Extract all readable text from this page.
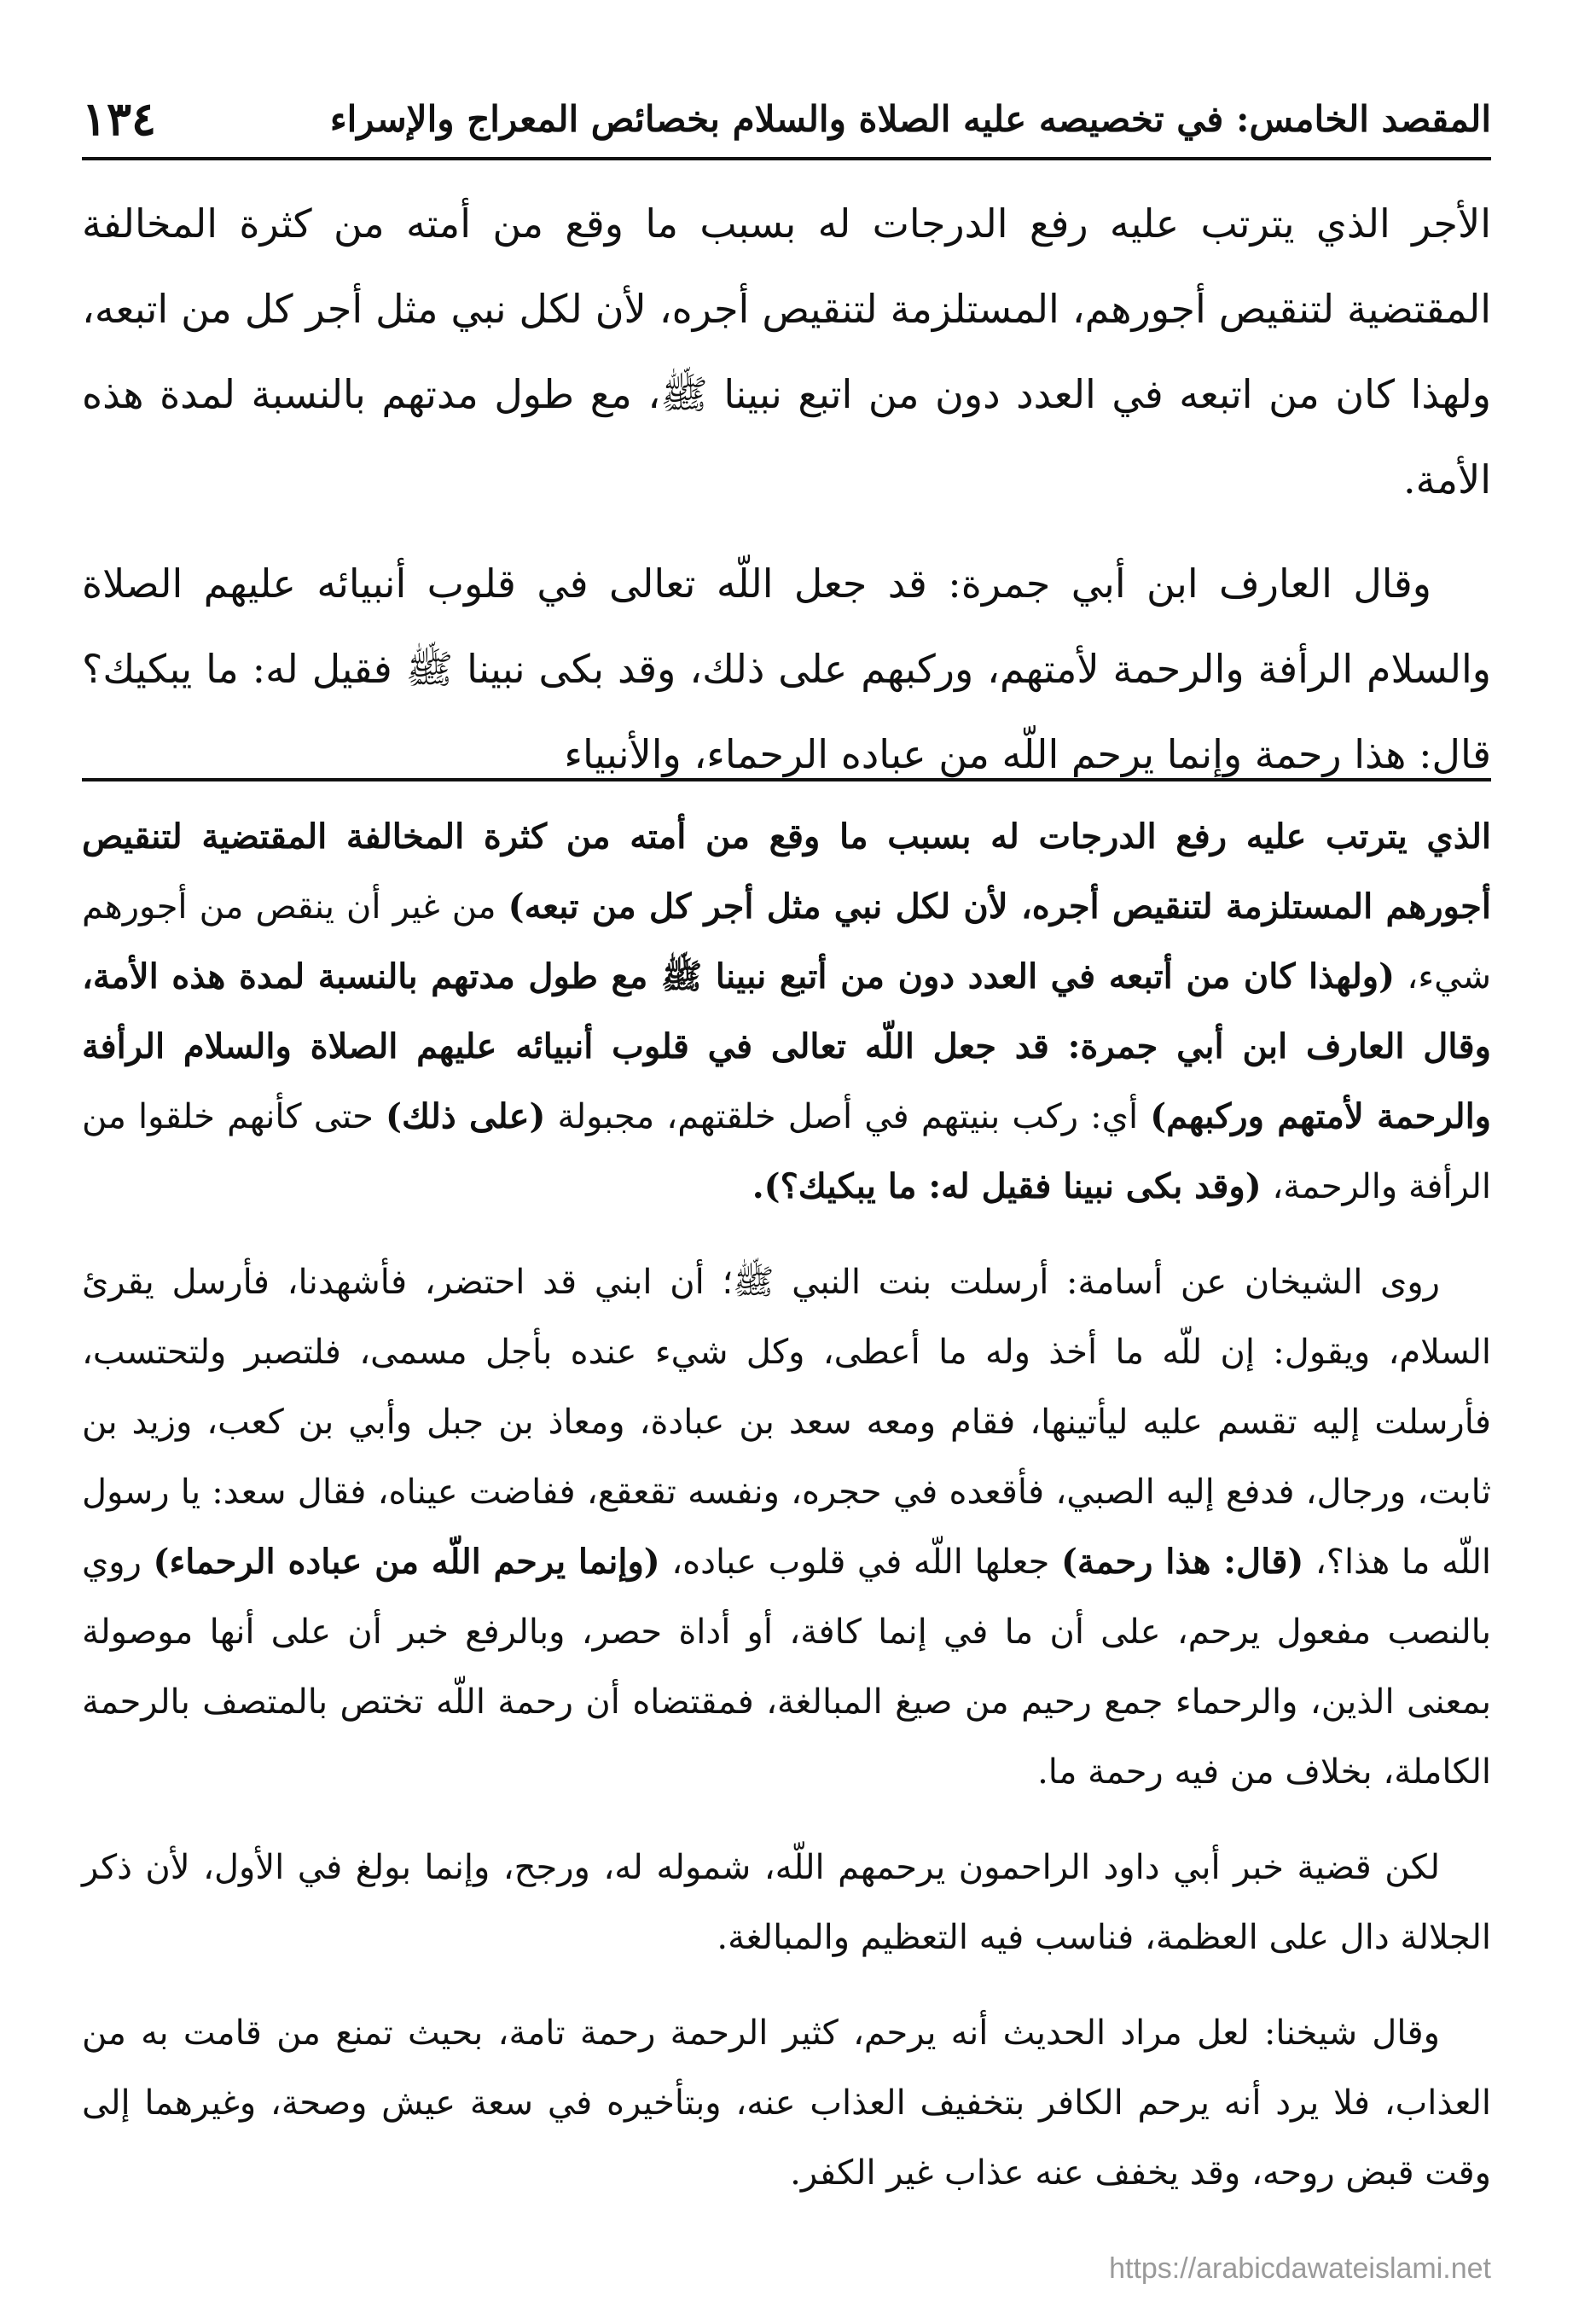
١٣٤	المقصد الخامس: في تخصيصه عليه الصلاة والسلام بخصائص المعراج والإسراء

الأجر الذي يترتب عليه رفع الدرجات له بسبب ما وقع من أمته من كثرة المخالفة المقتضية لتنقيص أجورهم، المستلزمة لتنقيص أجره، لأن لكل نبي مثل أجر كل من اتبعه، ولهذا كان من اتبعه في العدد دون من اتبع نبينا ﷺ، مع طول مدتهم بالنسبة لمدة هذه الأمة.

وقال العارف ابن أبي جمرة: قد جعل اللّه تعالى في قلوب أنبيائه عليهم الصلاة والسلام الرأفة والرحمة لأمتهم، وركبهم على ذلك، وقد بكى نبينا ﷺ فقيل له: ما يبكيك؟ قال: هذا رحمة وإنما يرحم اللّه من عباده الرحماء، والأنبياء

الذي يترتب عليه رفع الدرجات له بسبب ما وقع من أمته من كثرة المخالفة المقتضية لتنقيص أجورهم المستلزمة لتنقيص أجره، لأن لكل نبي مثل أجر كل من تبعه) من غير أن ينقص من أجورهم شيء، (ولهذا كان من أتبعه في العدد دون من أتبع نبينا ﷺ مع طول مدتهم بالنسبة لمدة هذه الأمة، وقال العارف ابن أبي جمرة: قد جعل اللّه تعالى في قلوب أنبيائه عليهم الصلاة والسلام الرأفة والرحمة لأمتهم وركبهم) أي: ركب بنيتهم في أصل خلقتهم، مجبولة (على ذلك) حتى كأنهم خلقوا من الرأفة والرحمة، (وقد بكى نبينا فقيل له: ما يبكيك؟).

روى الشيخان عن أسامة: أرسلت بنت النبي ﷺ؛ أن ابني قد احتضر، فأشهدنا، فأرسل يقرئ السلام، ويقول: إن للّه ما أخذ وله ما أعطى، وكل شيء عنده بأجل مسمى، فلتصبر ولتحتسب، فأرسلت إليه تقسم عليه ليأتينها، فقام ومعه سعد بن عبادة، ومعاذ بن جبل وأبي بن كعب، وزيد بن ثابت، ورجال، فدفع إليه الصبي، فأقعده في حجره، ونفسه تقعقع، ففاضت عيناه، فقال سعد: يا رسول اللّه ما هذا؟، (قال: هذا رحمة) جعلها اللّه في قلوب عباده، (وإنما يرحم اللّه من عباده الرحماء) روي بالنصب مفعول يرحم، على أن ما في إنما كافة، أو أداة حصر، وبالرفع خبر أن على أنها موصولة بمعنى الذين، والرحماء جمع رحيم من صيغ المبالغة، فمقتضاه أن رحمة اللّه تختص بالمتصف بالرحمة الكاملة، بخلاف من فيه رحمة ما.

لكن قضية خبر أبي داود الراحمون يرحمهم اللّه، شموله له، ورجح، وإنما بولغ في الأول، لأن ذكر الجلالة دال على العظمة، فناسب فيه التعظيم والمبالغة.

وقال شيخنا: لعل مراد الحديث أنه يرحم، كثير الرحمة رحمة تامة، بحيث تمنع من قامت به من العذاب، فلا يرد أنه يرحم الكافر بتخفيف العذاب عنه، وبتأخيره في سعة عيش وصحة، وغيرهما إلى وقت قبض روحه، وقد يخفف عنه عذاب غير الكفر.

https://arabicdawateislami.net
